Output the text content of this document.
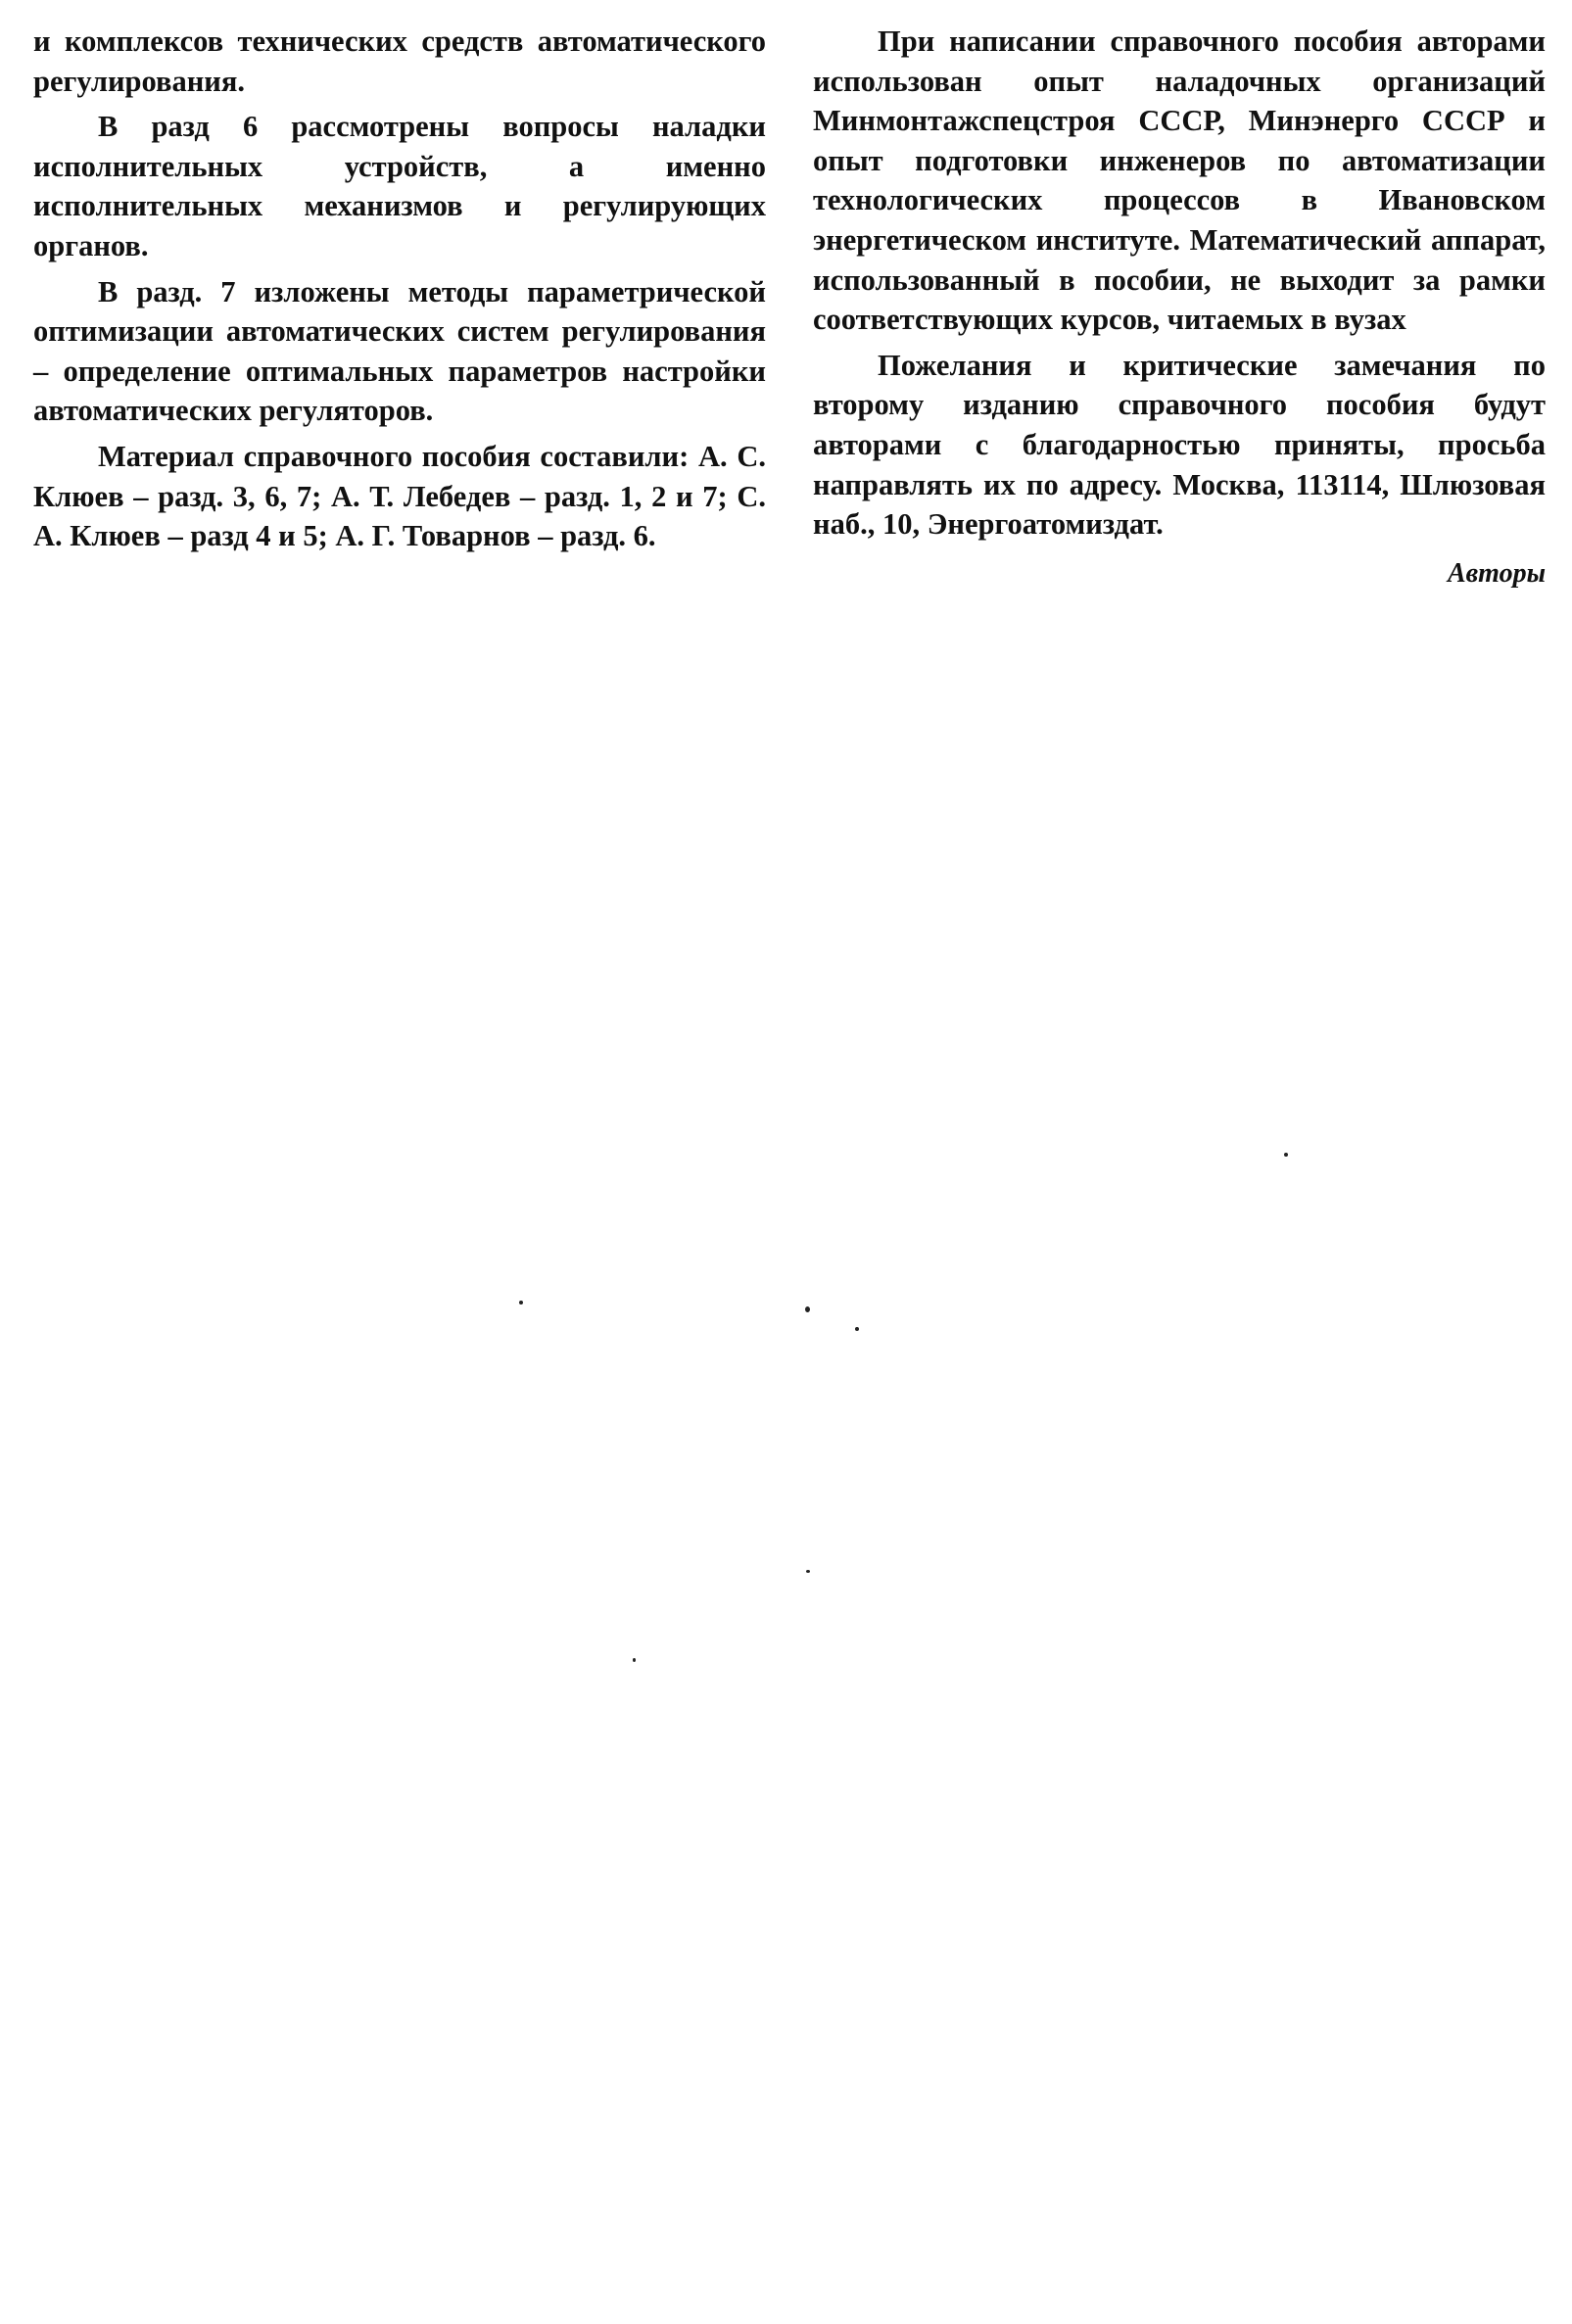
и комплексов технических средств автоматического регулирования.

В разд 6 рассмотрены вопросы наладки исполнительных устройств, а именно исполнительных механизмов и регулирующих органов.

В разд. 7 изложены методы параметрической оптимизации автоматических систем регулирования – определение оптимальных параметров настройки автоматических регуляторов.

Материал справочного пособия составили: А. С. Клюев – разд. 3, 6, 7; А. Т. Лебедев – разд. 1, 2 и 7; С. А. Клюев – разд 4 и 5; А. Г. Товарнов – разд. 6.

При написании справочного пособия авторами использован опыт наладочных организаций Минмонтажспецстроя СССР, Минэнерго СССР и опыт подготовки инженеров по автоматизации технологических процессов в Ивановском энергетическом институте. Математический аппарат, использованный в пособии, не выходит за рамки соответствующих курсов, читаемых в вузах

Пожелания и критические замечания по второму изданию справочного пособия будут авторами с благодарностью приняты, просьба направлять их по адресу. Москва, 113114, Шлюзовая наб., 10, Энергоатомиздат.

Авторы
